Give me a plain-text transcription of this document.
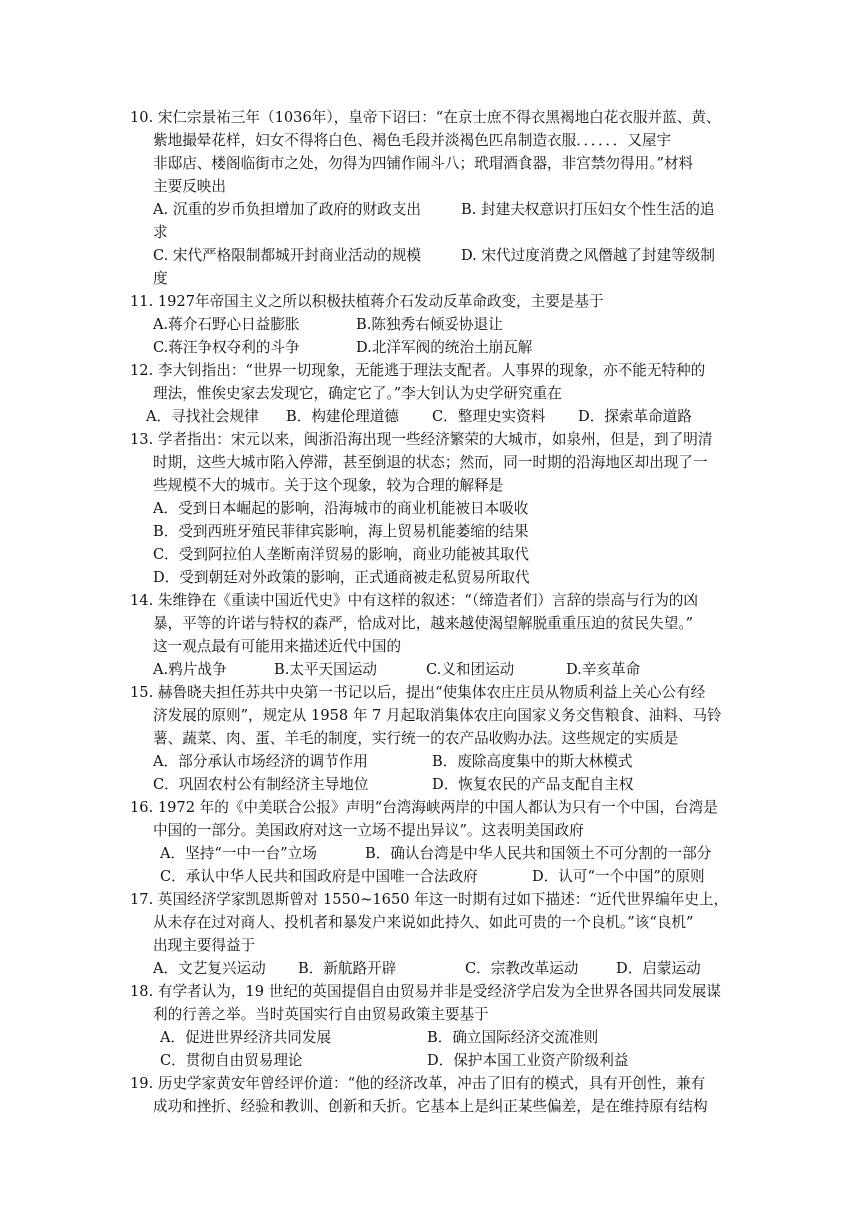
10. 宋仁宗景祐三年（1036年），皇帝下诏曰：“在京士庶不得衣黑褐地白花衣服并蓝、黄、
紫地撮晕花样，妇女不得将白色、褐色毛段并淡褐色匹帛制造衣服．．．．．．又屋宇
非邸店、楼阁临街市之处，勿得为四铺作闹斗八；玳瑁酒食器，非宫禁勿得用。”材料
主要反映出
A. 沉重的岁币负担增加了政府的财政支出	B. 封建夫权意识打压妇女个性生活的追
求
C. 宋代严格限制都城开封商业活动的规模	D. 宋代过度消费之风僭越了封建等级制
度
11. 1927年帝国主义之所以积极扶植蒋介石发动反革命政变，主要是基于
A.蒋介石野心日益膨胀	B.陈独秀右倾妥协退让
C.蒋汪争权夺利的斗争	D.北洋军阀的统治土崩瓦解
12. 李大钊指出：“世界一切现象，无能逃于理法支配者。人事界的现象，亦不能无特种的
理法，惟俟史家去发现它，确定它了。”李大钊认为史学研究重在
A．寻找社会规律 B．构建伦理道德 C．整理史实资料 D．探索革命道路
13. 学者指出：宋元以来，闽浙沿海出现一些经济繁荣的大城市，如泉州，但是，到了明清
时期，这些大城市陷入停滞，甚至倒退的状态；然而，同一时期的沿海地区却出现了一
些规模不大的城市。关于这个现象，较为合理的解释是
A．受到日本崛起的影响，沿海城市的商业机能被日本吸收
B．受到西班牙殖民菲律宾影响，海上贸易机能萎缩的结果
C．受到阿拉伯人垄断南洋贸易的影响，商业功能被其取代
D．受到朝廷对外政策的影响，正式通商被走私贸易所取代
14. 朱维铮在《重读中国近代史》中有这样的叙述：“（缔造者们）言辞的崇高与行为的凶
暴，平等的许诺与特权的森严，恰成对比，越来越使渴望解脱重重压迫的贫民失望。”
这一观点最有可能用来描述近代中国的
A.鸦片战争	B.太平天国运动	C.义和团运动	D.辛亥革命
15. 赫鲁晓夫担任苏共中央第一书记以后，提出“使集体农庄庄员从物质利益上关心公有经
济发展的原则”，规定从 1958 年 7 月起取消集体农庄向国家义务交售粮食、油料、马铃
薯、蔬菜、肉、蛋、羊毛的制度，实行统一的农产品收购办法。这些规定的实质是
A．部分承认市场经济的调节作用	B．废除高度集中的斯大林模式
C．巩固农村公有制经济主导地位	D．恢复农民的产品支配自主权
16. 1972 年的《中美联合公报》声明“台湾海峡两岸的中国人都认为只有一个中国，台湾是
中国的一部分。美国政府对这一立场不提出异议”。这表明美国政府
A．坚持“一中一台”立场	B．确认台湾是中华人民共和国领土不可分割的一部分
C．承认中华人民共和国政府是中国唯一合法政府	D．认可“一个中国”的原则
17. 英国经济学家凯恩斯曾对 1550~1650 年这一时期有过如下描述：“近代世界编年史上，
从未存在过对商人、投机者和暴发户来说如此持久、如此可贵的一个良机。”该“良机”
出现主要得益于
A．文艺复兴运动 B．新航路开辟	C．宗教改革运动	D．启蒙运动
18. 有学者认为，19 世纪的英国提倡自由贸易并非是受经济学启发为全世界各国共同发展谋
利的行善之举。当时英国实行自由贸易政策主要基于
A．促进世界经济共同发展	B．确立国际经济交流准则
C．贯彻自由贸易理论	D．保护本国工业资产阶级利益
19. 历史学家黄安年曾经评价道：“他的经济改革，冲击了旧有的模式，具有开创性，兼有
成功和挫折、经验和教训、创新和夭折。它基本上是纠正某些偏差，是在维持原有结构
